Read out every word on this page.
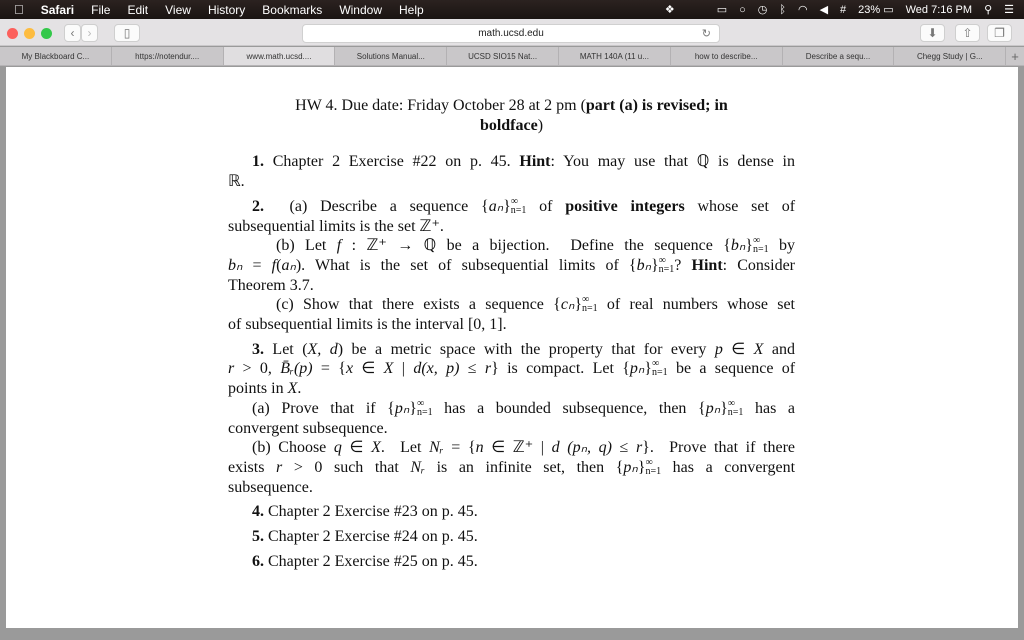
Safari File Edit View History Bookmarks Window Help	❖	▭ ○ ◷ ᛒ ◠ ◀ # 23% ▭ Wed 7:16 PM ⚲ ☰
‹	›	▯	math.ucsd.edu	↻	⬇	⇧	❐
My Blackboard C...	https://notendur....	www.math.ucsd....	Solutions Manual...	UCSD SIO15 Nat...	MATH 140A (11 u...	how to describe...	Describe a sequ...	Chegg Study | G...	+
HW 4. Due date: Friday October 28 at 2 pm ( part (a) is revised; in
boldface )
1. Chapter 2 Exercise #22 on p. 45. Hint : You may use that ℚ is dense in
ℝ.
2. (a) Describe a sequence { aₙ } ∞
n=1 of positive integers whose set of
subsequential limits is the set ℤ⁺.
(b) Let f : ℤ⁺ → ℚ be a bijection.  Define the sequence { bₙ } ∞
n=1 by
bₙ = f ( aₙ ). What is the set of subsequential limits of { bₙ } ∞
n=1 ? Hint : Consider
Theorem 3.7.
(c) Show that there exists a sequence { cₙ } ∞
n=1 of real numbers whose set
of subsequential limits is the interval [0, 1].
3. Let ( X, d ) be a metric space with the property that for every p ∈ X and
r > 0, B̄ᵣ(p) = { x ∈ X | d(x, p) ≤ r } is compact. Let { pₙ } ∞
n=1 be a sequence of
points in X .
(a) Prove that if { pₙ } ∞
n=1 has a bounded subsequence, then { pₙ } ∞
n=1 has a
convergent subsequence.
(b) Choose q ∈ X .  Let Nᵣ = { n ∈ ℤ⁺ | d (pₙ, q) ≤ r }.  Prove that if there
exists r > 0 such that Nᵣ is an infinite set, then { pₙ } ∞
n=1 has a convergent
subsequence.
4. Chapter 2 Exercise #23 on p. 45.
5. Chapter 2 Exercise #24 on p. 45.
6. Chapter 2 Exercise #25 on p. 45.
